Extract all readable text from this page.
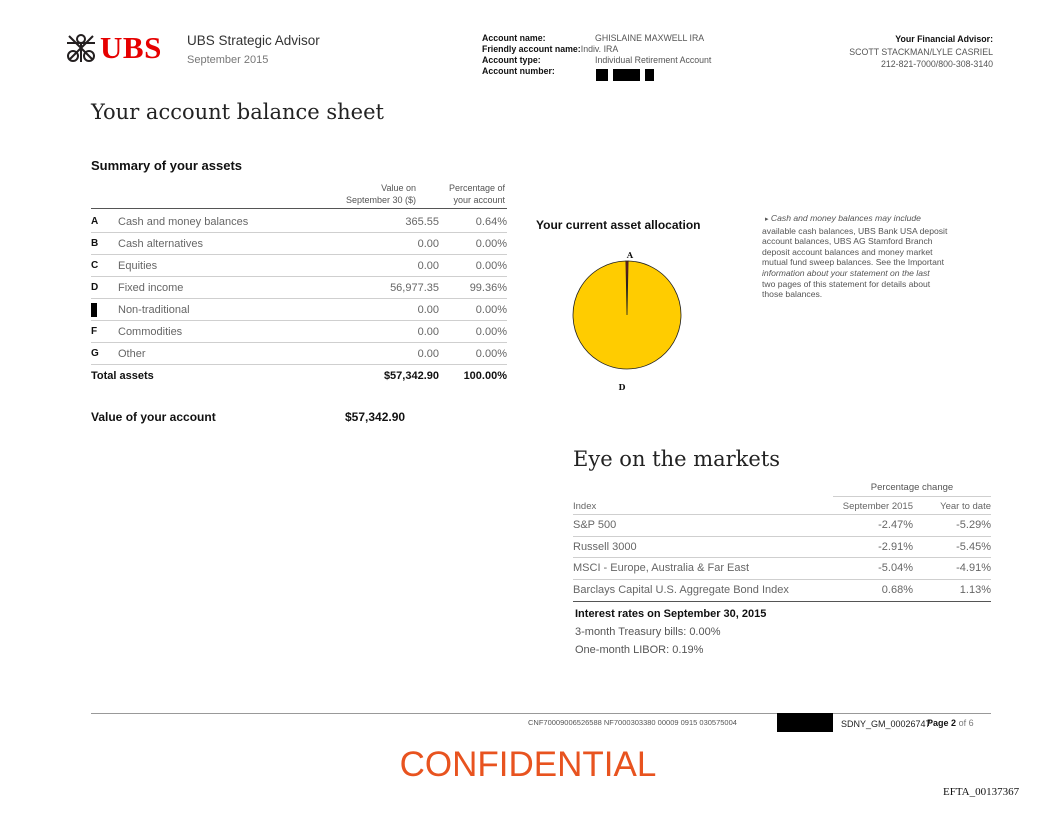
UBS UBS Strategic Advisor
September 2015
Account name:	GHISLAINE MAXWELL IRA
Friendly account name:Indiv. IRA
Account type:	Individual Retirement Account
Account number:
Your Financial Advisor:
SCOTT STACKMAN/LYLE CASRIEL
212-821-7000/800-308-3140
Your account balance sheet
Summary of your assets
Value on
September 30 ($)
Percentage of
your account
A	Cash and money balances	365.55	0.64%
B	Cash alternatives	0.00	0.00%
C	Equities	0.00	0.00%
D	Fixed income	56,977.35	99.36%
	Non-traditional	0.00	0.00%
F	Commodities	0.00	0.00%
G	Other	0.00	0.00%
Total assets		$57,342.90	100.00%
Value of your account	$57,342.90
Your current asset allocation
A
D
▸ Cash and money balances may include
available cash balances, UBS Bank USA deposit
account balances, UBS AG Stamford Branch
deposit account balances and money market
mutual fund sweep balances. See the Important
information about your statement on the last
two pages of this statement for details about
those balances.
Eye on the markets
Percentage change
Index	September 2015	Year to date
S&P 500	-2.47%	-5.29%
Russell 3000	-2.91%	-5.45%
MSCI - Europe, Australia & Far East	-5.04%	-4.91%
Barclays Capital U.S. Aggregate Bond Index	0.68%	1.13%
Interest rates on September 30, 2015
3-month Treasury bills: 0.00%
One-month LIBOR: 0.19%
CNF70009006526588 NF7000303380 00009 0915 030575004	SDNY_GM_00026747
Page 2 of 6
CONFIDENTIAL
EFTA_00137367
